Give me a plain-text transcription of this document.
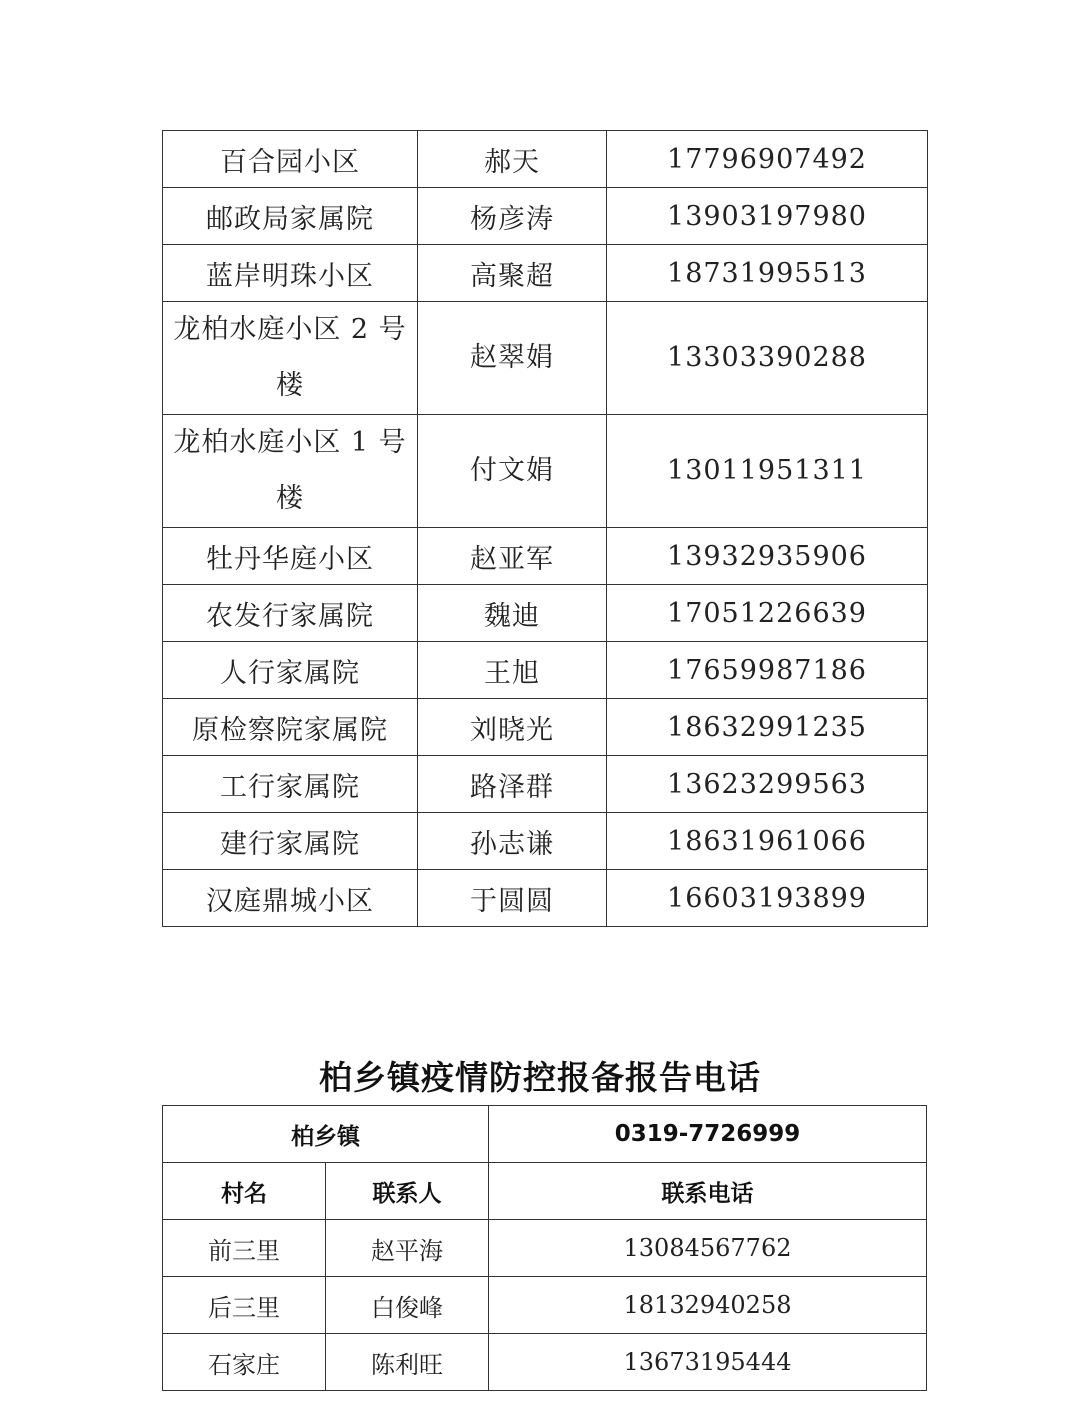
百合园小区	郝天	17796907492
邮政局家属院	杨彦涛	13903197980
蓝岸明珠小区	高聚超	18731995513
龙柏水庭小区 2 号楼	赵翠娟	13303390288
龙柏水庭小区 1 号楼	付文娟	13011951311
牡丹华庭小区	赵亚军	13932935906
农发行家属院	魏迪	17051226639
人行家属院	王旭	17659987186
原检察院家属院	刘晓光	18632991235
工行家属院	路泽群	13623299563
建行家属院	孙志谦	18631961066
汉庭鼎城小区	于圆圆	16603193899
柏乡镇疫情防控报备报告电话
柏乡镇		0319-7726999
村名	联系人	联系电话
前三里	赵平海	13084567762
后三里	白俊峰	18132940258
石家庄	陈利旺	13673195444
